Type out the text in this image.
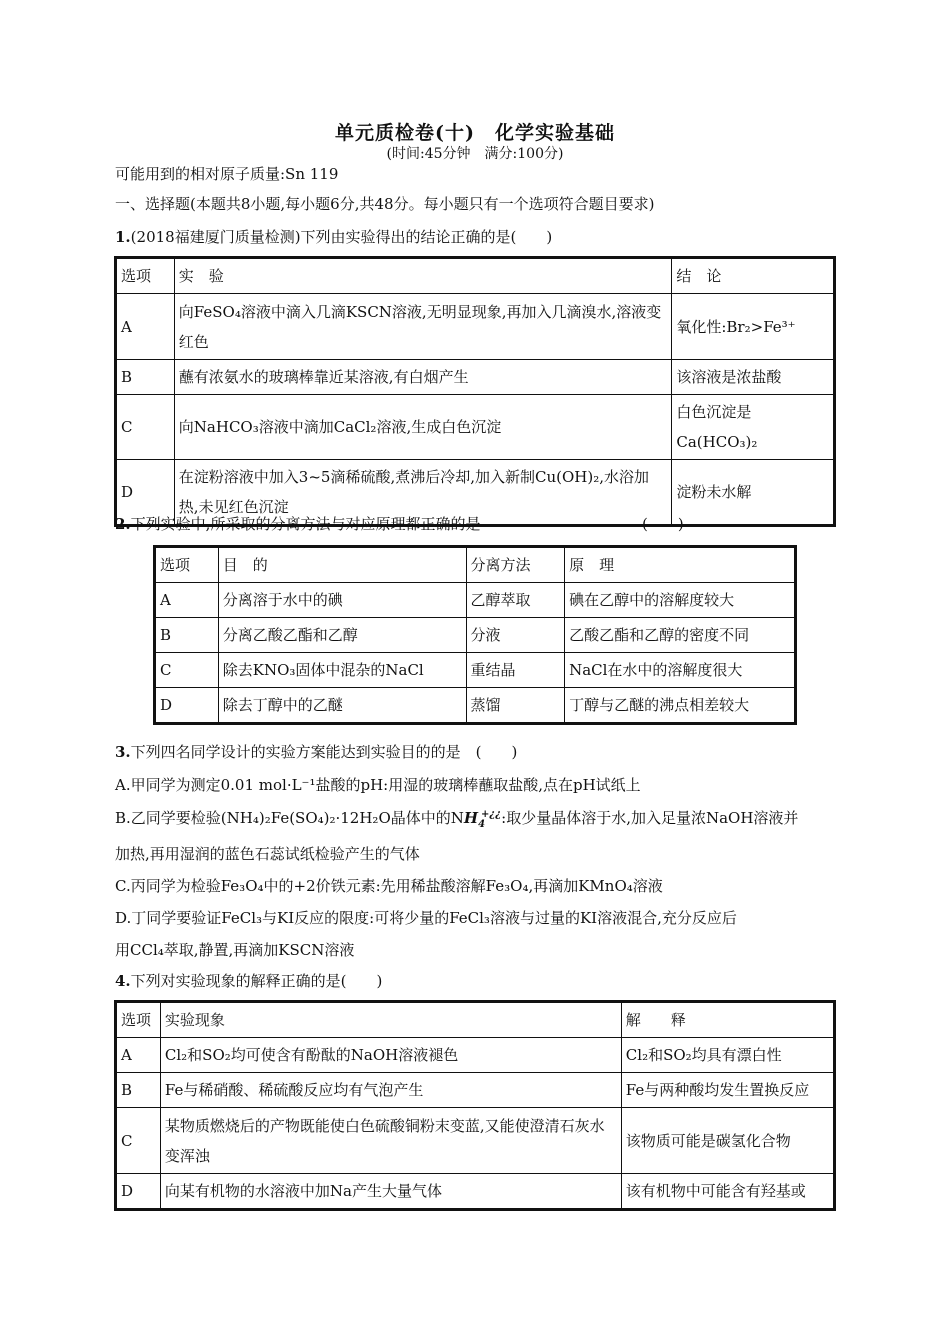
单元质检卷(十)　化学实验基础
(时间:45分钟　满分:100分)
可能用到的相对原子质量:Sn 119
一、选择题(本题共8小题,每小题6分,共48分。每小题只有一个选项符合题目要求)
1.(2018福建厦门质量检测)下列由实验得出的结论正确的是(　　)
选项	实　验	结　论
A	向FeSO₄溶液中滴入几滴KSCN溶液,无明显现象,再加入几滴溴水,溶液变红色	氧化性:Br₂>Fe³⁺
B	蘸有浓氨水的玻璃棒靠近某溶液,有白烟产生	该溶液是浓盐酸
C	向NaHCO₃溶液中滴加CaCl₂溶液,生成白色沉淀	白色沉淀是Ca(HCO₃)₂
D	在淀粉溶液中加入3~5滴稀硫酸,煮沸后冷却,加入新制Cu(OH)₂,水浴加热,未见红色沉淀	淀粉未水解
2.下列实验中,所采取的分离方法与对应原理都正确的是	(　　)
选项	目　的	分离方法	原　理
A	分离溶于水中的碘	乙醇萃取	碘在乙醇中的溶解度较大
B	分离乙酸乙酯和乙醇	分液	乙酸乙酯和乙醇的密度不同
C	除去KNO₃固体中混杂的NaCl	重结晶	NaCl在水中的溶解度很大
D	除去丁醇中的乙醚	蒸馏	丁醇与乙醚的沸点相差较大
3.下列四名同学设计的实验方案能达到实验目的的是　(　　)
A.甲同学为测定0.01 mol·L⁻¹盐酸的pH:用湿的玻璃棒蘸取盐酸,点在pH试纸上
B.乙同学要检验(NH₄)₂Fe(SO₄)₂·12H₂O晶体中的$NH_4^{+¿¿}$:取少量晶体溶于水,加入足量浓NaOH溶液并
加热,再用湿润的蓝色石蕊试纸检验产生的气体
C.丙同学为检验Fe₃O₄中的+2价铁元素:先用稀盐酸溶解Fe₃O₄,再滴加KMnO₄溶液
D.丁同学要验证FeCl₃与KI反应的限度:可将少量的FeCl₃溶液与过量的KI溶液混合,充分反应后
用CCl₄萃取,静置,再滴加KSCN溶液
4.下列对实验现象的解释正确的是(　　)
选项	实验现象	解　　释
A	Cl₂和SO₂均可使含有酚酞的NaOH溶液褪色	Cl₂和SO₂均具有漂白性
B	Fe与稀硝酸、稀硫酸反应均有气泡产生	Fe与两种酸均发生置换反应
C	某物质燃烧后的产物既能使白色硫酸铜粉末变蓝,又能使澄清石灰水变浑浊	该物质可能是碳氢化合物
D	向某有机物的水溶液中加Na产生大量气体	该有机物中可能含有羟基或
